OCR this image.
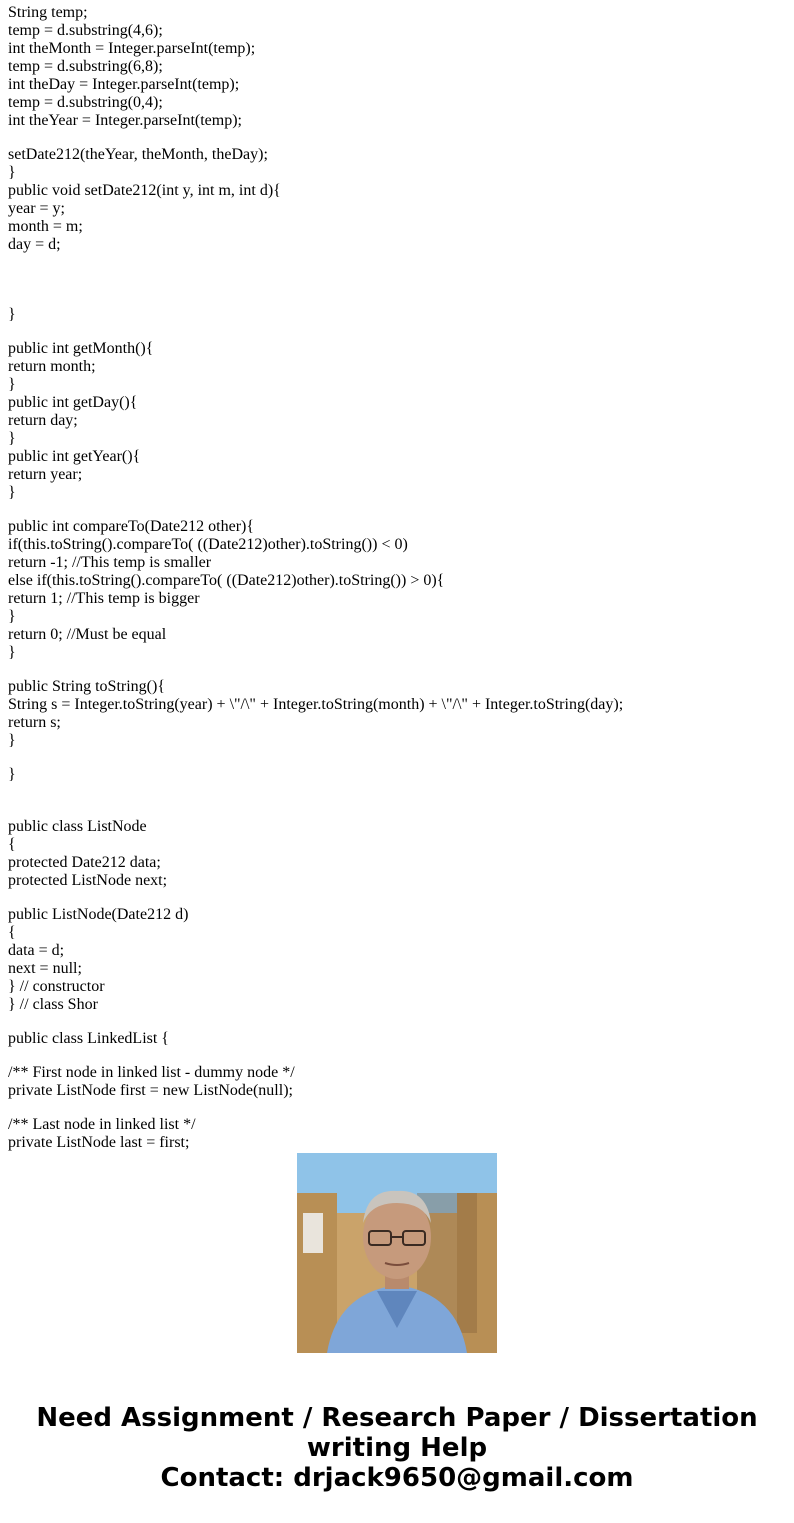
String temp;
temp = d.substring(4,6);
int theMonth = Integer.parseInt(temp);
temp = d.substring(6,8);
int theDay = Integer.parseInt(temp);
temp = d.substring(0,4);
int theYear = Integer.parseInt(temp);
setDate212(theYear, theMonth, theDay);
}
public void setDate212(int y, int m, int d){
year = y;
month = m;
day = d;
}
public int getMonth(){
return month;
}
public int getDay(){
return day;
}
public int getYear(){
return year;
}
public int compareTo(Date212 other){
if(this.toString().compareTo( ((Date212)other).toString()) < 0)
return -1; //This temp is smaller
else if(this.toString().compareTo( ((Date212)other).toString()) > 0){
return 1; //This temp is bigger
}
return 0; //Must be equal
}
public String toString(){
String s = Integer.toString(year) + \"/\" + Integer.toString(month) + \"/\" + Integer.toString(day);
return s;
}
}
public class ListNode
{
protected Date212 data;
protected ListNode next;
public ListNode(Date212 d)
{
data = d;
next = null;
} // constructor
} // class Shor
public class LinkedList {
/** First node in linked list - dummy node */
private ListNode first = new ListNode(null);
/** Last node in linked list */
private ListNode last = first;
Need Assignment / Research Paper / Dissertation
writing Help
Contact: drjack9650@gmail.com
